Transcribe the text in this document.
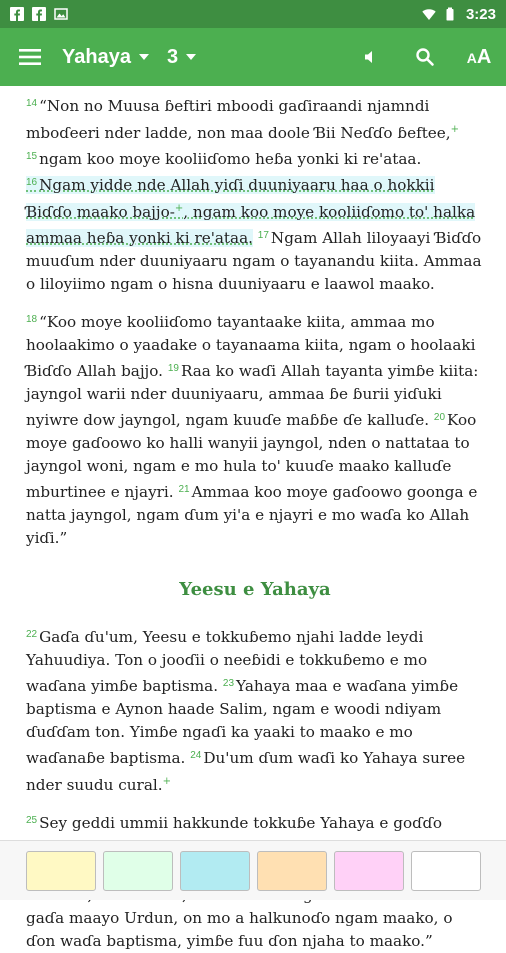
3:23
Yahaya 3	AA

$^{14}$ “Non no Muusa ɓeftiri mboodi gaɗiraandi njamndi mboɗeeri nder ladde, non maa doole Ɓii Neɗɗo ɓeftee,+ $^{15}$ ngam koo moye kooliiɗomo heɓa yonki ki re'ataa. $^{16}$ Ngam yidde nde Allah yiɗi duuniyaaru haa o hokkii Ɓiɗɗo maako bajjo-+, ngam koo moye kooliiɗomo to' halka ammaa heɓa yonki ki re'ataa. $^{17}$ Ngam Allah liloyaayi Ɓiɗɗo muuɗum nder duuniyaaru ngam o tayanandu kiita. Ammaa o liloyiimo ngam o hisna duuniyaaru e laawol maako.

$^{18}$ “Koo moye kooliiɗomo tayantaake kiita, ammaa mo hoolaakimo o yaadake o tayanaama kiita, ngam o hoolaaki Ɓiɗɗo Allah bajjo. $^{19}$ Raa ko waɗi Allah tayanta yimɓe kiita: jayngol warii nder duuniyaaru, ammaa ɓe ɓurii yiɗuki nyiwre dow jayngol, ngam kuuɗe maɓɓe ɗe kalluɗe. $^{20}$ Koo moye gaɗoowo ko halli wanyii jayngol, nden o nattataa to jayngol woni, ngam e mo hula to' kuuɗe maako kalluɗe mburtinee e njayri. $^{21}$ Ammaa koo moye gaɗoowo goonga e natta jayngol, ngam ɗum yi'a e njayri e mo waɗa ko Allah yiɗi.”

Yeesu e Yahaya

$^{22}$ Gaɗa ɗu'um, Yeesu e tokkuɓemo njahi ladde leydi Yahuudiya. Ton o jooɗii o neeɓidi e tokkuɓemo e mo waɗana yimɓe baptisma. $^{23}$ Yahaya maa e waɗana yimɓe baptisma e Aynon haade Salim, ngam e woodi ndiyam ɗuɗɗam ton. Yimɓe ngaɗi ka yaaki to maako e mo waɗanaɓe baptisma. $^{24}$ Du'um ɗum waɗi ko Yahaya suree nder suudu cural.+

$^{25}$ Sey geddi ummii hakkunde tokkuɓe Yahaya e goɗɗo gaɗa maayo Urdun, on mo a halkunoɗo ngam maako, o ɗon waɗa baptisma, yimɓe fuu ɗon njaha to maako.”
